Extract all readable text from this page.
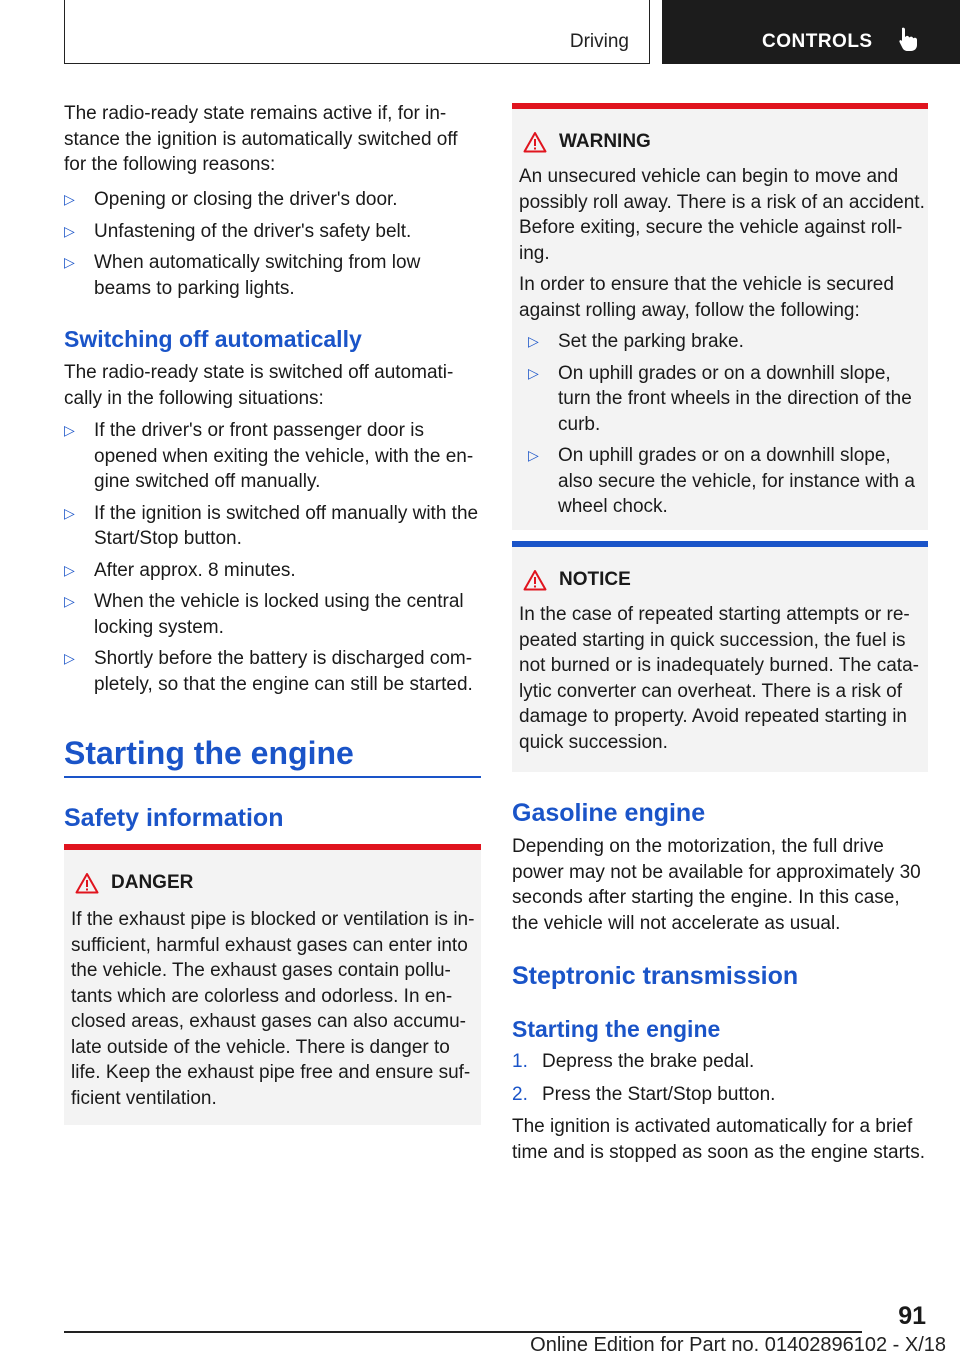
Driving	CONTROLS

The radio-ready state remains active if, for in-stance the ignition is automatically switched off for the following reasons:

▷ Opening or closing the driver's door.
▷ Unfastening of the driver's safety belt.
▷ When automatically switching from low beams to parking lights.
Switching off automatically

The radio-ready state is switched off automati-cally in the following situations:

▷ If the driver's or front passenger door is opened when exiting the vehicle, with the en-gine switched off manually.
▷ If the ignition is switched off manually with the Start/Stop button.
▷ After approx. 8 minutes.
▷ When the vehicle is locked using the central locking system.
▷ Shortly before the battery is discharged com-pletely, so that the engine can still be started.
Starting the engine
Safety information
DANGER

If the exhaust pipe is blocked or ventilation is in-sufficient, harmful exhaust gases can enter into the vehicle. The exhaust gases contain pollu-tants which are colorless and odorless. In en-closed areas, exhaust gases can also accumu-late outside of the vehicle. There is danger to life. Keep the exhaust pipe free and ensure suf-ficient ventilation.

WARNING

An unsecured vehicle can begin to move and possibly roll away. There is a risk of an accident. Before exiting, secure the vehicle against roll-ing.

In order to ensure that the vehicle is secured against rolling away, follow the following:

▷ Set the parking brake.
▷ On uphill grades or on a downhill slope, turn the front wheels in the direction of the curb.
▷ On uphill grades or on a downhill slope, also secure the vehicle, for instance with a wheel chock.
NOTICE

In the case of repeated starting attempts or re-peated starting in quick succession, the fuel is not burned or is inadequately burned. The cata-lytic converter can overheat. There is a risk of damage to property. Avoid repeated starting in quick succession.

Gasoline engine

Depending on the motorization, the full drive power may not be available for approximately 30 seconds after starting the engine. In this case, the vehicle will not accelerate as usual.

Steptronic transmission
Starting the engine
1. Depress the brake pedal.
2. Press the Start/Stop button.

The ignition is activated automatically for a brief time and is stopped as soon as the engine starts.

91
Online Edition for Part no. 01402896102 - X/18
